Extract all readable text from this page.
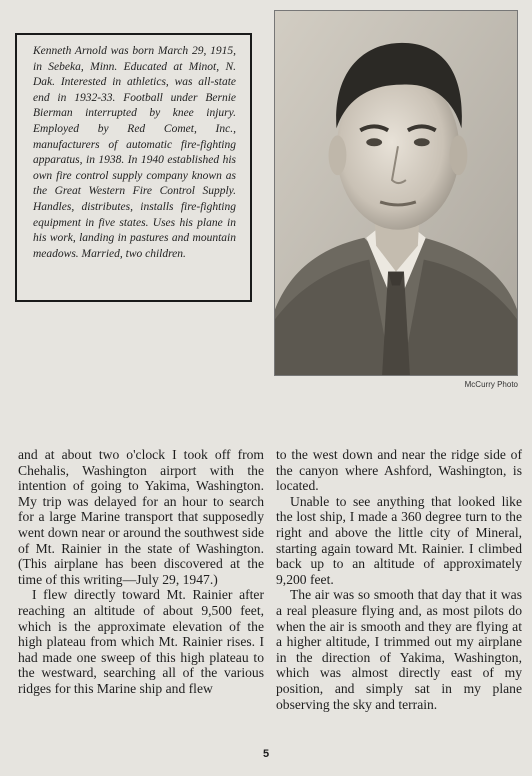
Kenneth Arnold was born March 29, 1915, in Sebeka, Minn. Educated at Minot, N. Dak. Interested in athletics, was all-state end in 1932-33. Football under Bernie Bierman interrupted by knee injury. Employed by Red Comet, Inc., manufacturers of automatic fire-fighting apparatus, in 1938. In 1940 established his own fire control supply company known as the Great Western Fire Control Supply. Handles, distributes, installs fire-fighting equipment in five states. Uses his plane in his work, landing in pastures and mountain meadows. Married, two children.

McCurry Photo

and at about two o'clock I took off from Chehalis, Washington airport with the intention of going to Yakima, Washington. My trip was delayed for an hour to search for a large Marine transport that supposedly went down near or around the southwest side of Mt. Rainier in the state of Washington. (This airplane has been discovered at the time of this writing—July 29, 1947.)

I flew directly toward Mt. Rainier after reaching an altitude of about 9,500 feet, which is the approximate elevation of the high plateau from which Mt. Rainier rises. I had made one sweep of this high plateau to the westward, searching all of the various ridges for this Marine ship and flew

to the west down and near the ridge side of the canyon where Ashford, Washington, is located.

Unable to see anything that looked like the lost ship, I made a 360 degree turn to the right and above the little city of Mineral, starting again toward Mt. Rainier. I climbed back up to an altitude of approximately 9,200 feet.

The air was so smooth that day that it was a real pleasure flying and, as most pilots do when the air is smooth and they are flying at a higher altitude, I trimmed out my airplane in the direction of Yakima, Washington, which was almost directly east of my position, and simply sat in my plane observing the sky and terrain.

5
